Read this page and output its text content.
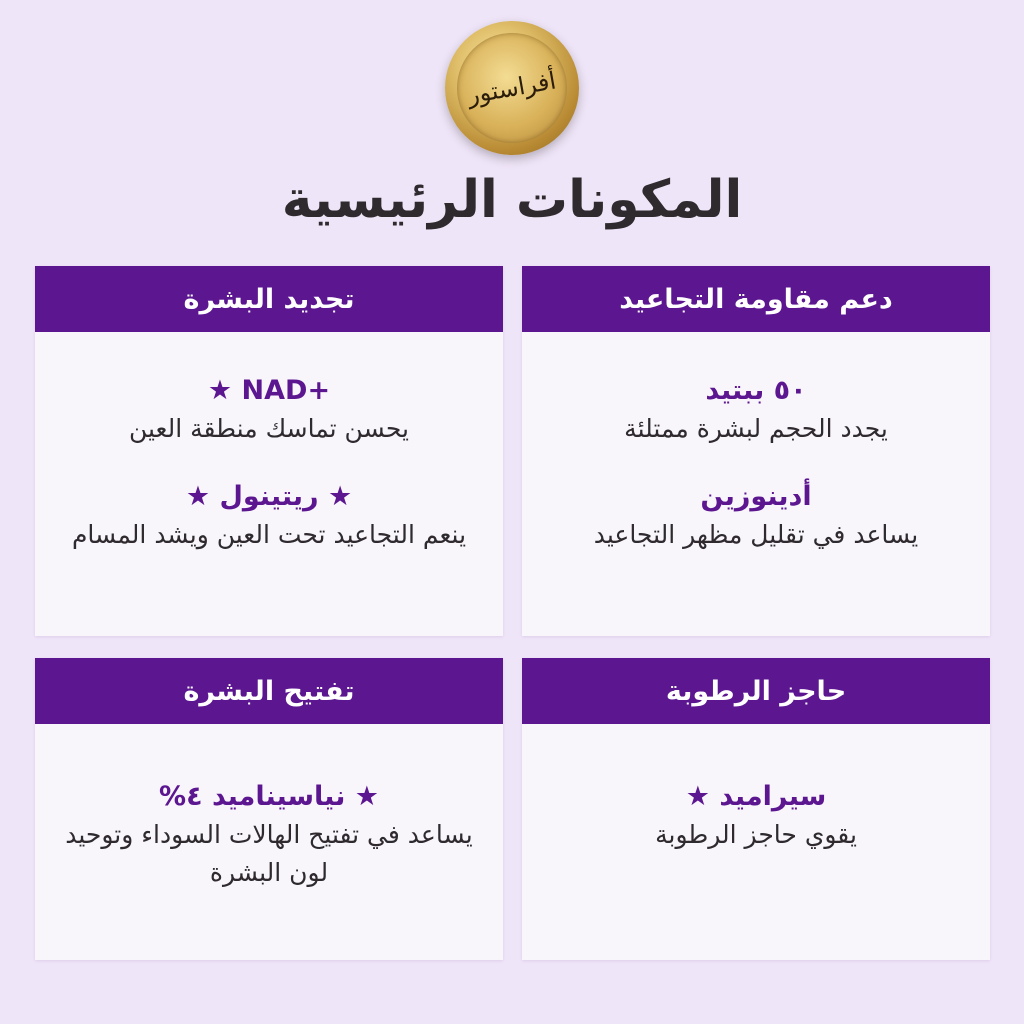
أفراستور
المكونات الرئيسية
دعم مقاومة التجاعيد
٥٠ ببتيد
يجدد الحجم لبشرة ممتلئة
أدينوزين
يساعد في تقليل مظهر التجاعيد
تجديد البشرة
NAD+ ★
يحسن تماسك منطقة العين
★ ريتينول ★
ينعم التجاعيد تحت العين ويشد المسام
حاجز الرطوبة
سيراميد ★
يقوي حاجز الرطوبة
تفتيح البشرة
★ نياسيناميد ٤%
يساعد في تفتيح الهالات السوداء وتوحيد لون البشرة
